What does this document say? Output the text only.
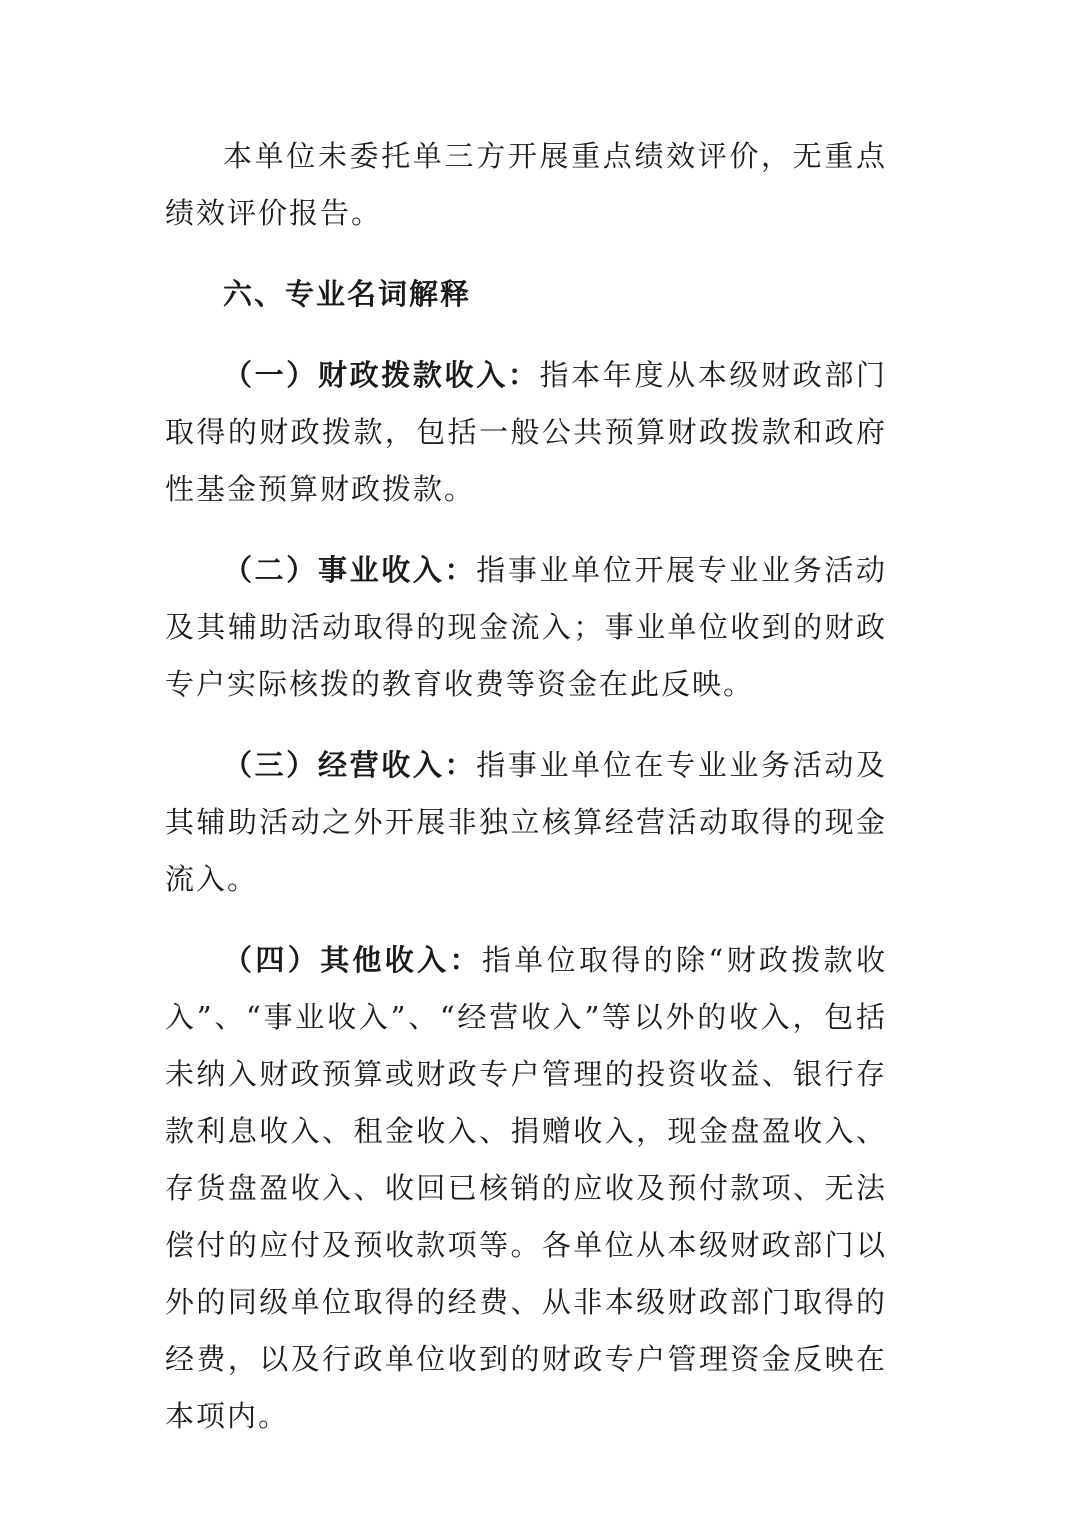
本单位未委托单三方开展重点绩效评价，无重点绩效评价报告。

六、专业名词解释

（一）财政拨款收入：指本年度从本级财政部门取得的财政拨款，包括一般公共预算财政拨款和政府性基金预算财政拨款。

（二）事业收入：指事业单位开展专业业务活动及其辅助活动取得的现金流入；事业单位收到的财政专户实际核拨的教育收费等资金在此反映。

（三）经营收入：指事业单位在专业业务活动及其辅助活动之外开展非独立核算经营活动取得的现金流入。

（四）其他收入：指单位取得的除“财政拨款收入”、“事业收入”、“经营收入”等以外的收入，包括未纳入财政预算或财政专户管理的投资收益、银行存款利息收入、租金收入、捐赠收入，现金盘盈收入、存货盘盈收入、收回已核销的应收及预付款项、无法偿付的应付及预收款项等。各单位从本级财政部门以外的同级单位取得的经费、从非本级财政部门取得的经费，以及行政单位收到的财政专户管理资金反映在本项内。
